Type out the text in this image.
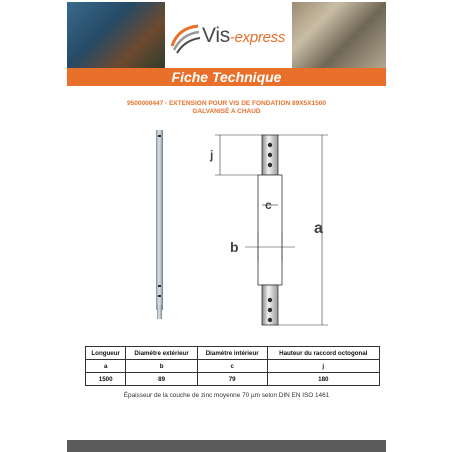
Vis-express
Fiche Technique
9500000447 - EXTENSION POUR VIS DE FONDATION 89X5X1500
GALVANISÉ A CHAUD
j
c
b
a
Longueur	Diamètre extérieur	Diamètre intérieur	Hauteur du raccord octogonal
a	b	c	j
1500	89	79	180
Épaisseur de la couche de zinc moyenne 70 µm selon DIN EN ISO 1461
